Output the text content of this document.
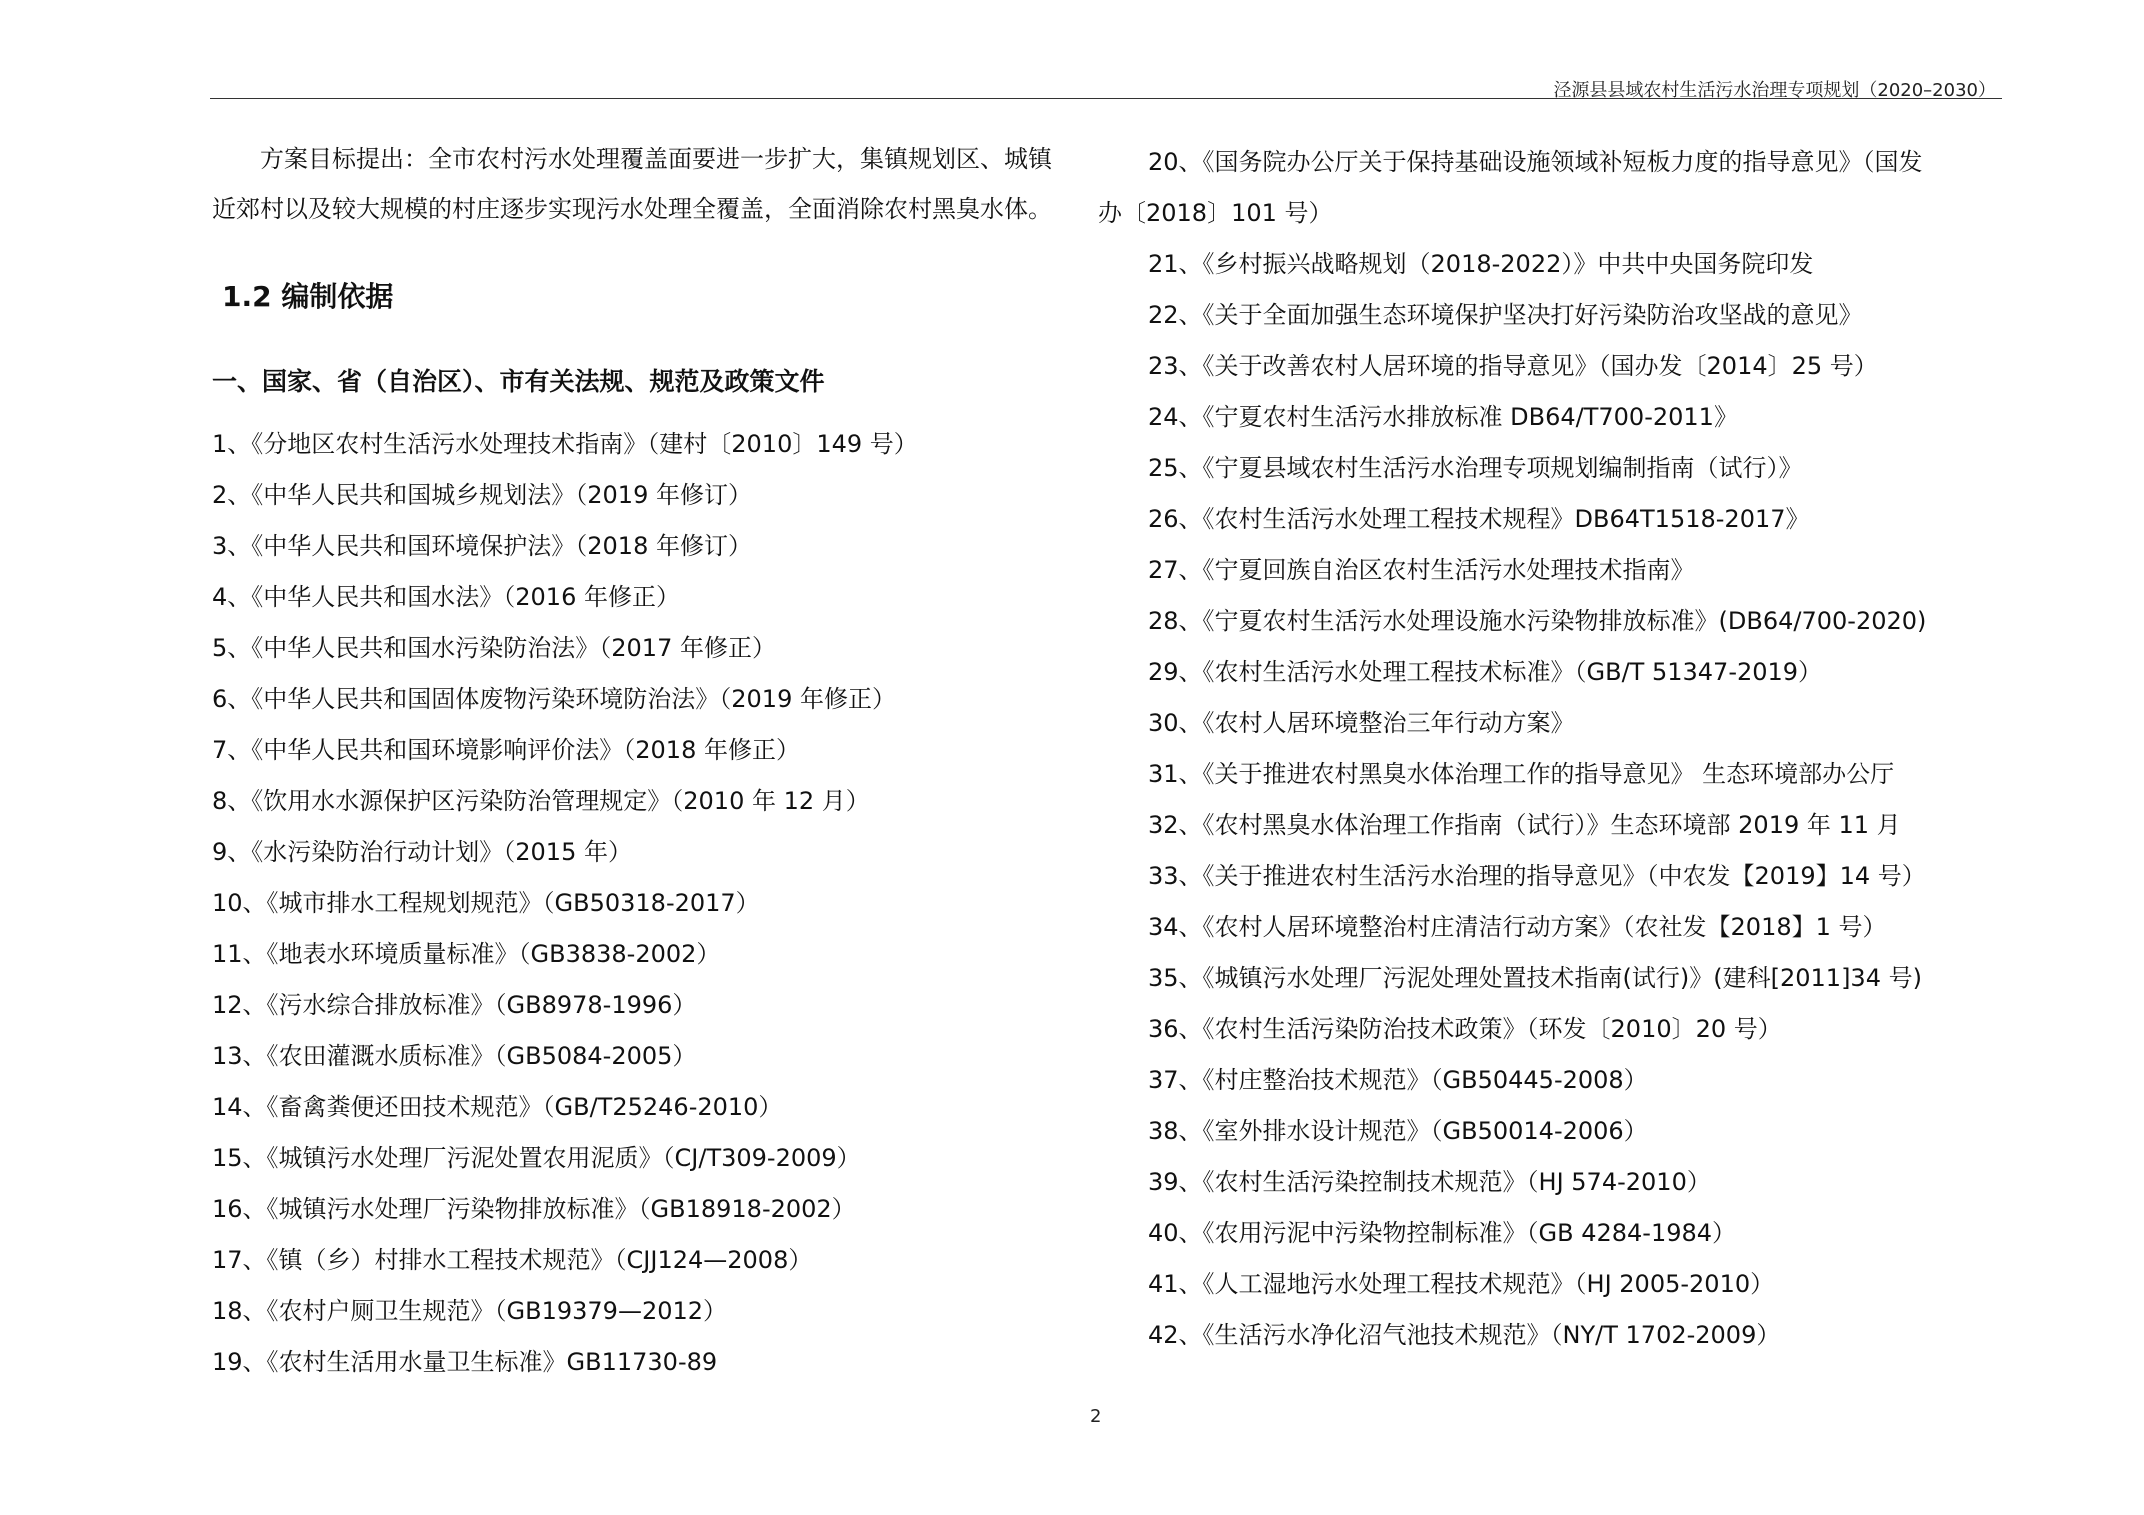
泾源县县域农村生活污水治理专项规划（2020–2030）
方案目标提出：全市农村污水处理覆盖面要进一步扩大，集镇规划区、城镇近郊村以及较大规模的村庄逐步实现污水处理全覆盖，全面消除农村黑臭水体。
1.2 编制依据
一、国家、省（自治区）、市有关法规、规范及政策文件
1、《分地区农村生活污水处理技术指南》（建村〔2010〕149 号）
2、《中华人民共和国城乡规划法》（2019 年修订）
3、《中华人民共和国环境保护法》（2018 年修订）
4、《中华人民共和国水法》（2016 年修正）
5、《中华人民共和国水污染防治法》（2017 年修正）
6、《中华人民共和国固体废物污染环境防治法》（2019 年修正）
7、《中华人民共和国环境影响评价法》（2018 年修正）
8、《饮用水水源保护区污染防治管理规定》（2010 年 12 月）
9、《水污染防治行动计划》（2015 年）
10、《城市排水工程规划规范》（GB50318-2017）
11、《地表水环境质量标准》（GB3838-2002）
12、《污水综合排放标准》（GB8978-1996）
13、《农田灌溉水质标准》（GB5084-2005）
14、《畜禽粪便还田技术规范》（GB/T25246-2010）
15、《城镇污水处理厂污泥处置农用泥质》（CJ/T309-2009）
16、《城镇污水处理厂污染物排放标准》（GB18918-2002）
17、《镇（乡）村排水工程技术规范》（CJJ124—2008）
18、《农村户厕卫生规范》（GB19379—2012）
19、《农村生活用水量卫生标准》GB11730-89
20、《国务院办公厅关于保持基础设施领域补短板力度的指导意见》（国发
办〔2018〕101 号）
21、《乡村振兴战略规划（2018-2022）》中共中央国务院印发
22、《关于全面加强生态环境保护坚决打好污染防治攻坚战的意见》
23、《关于改善农村人居环境的指导意见》（国办发〔2014〕25 号）
24、《宁夏农村生活污水排放标准 DB64/T700-2011》
25、《宁夏县域农村生活污水治理专项规划编制指南（试行）》
26、《农村生活污水处理工程技术规程》DB64T1518-2017》
27、《宁夏回族自治区农村生活污水处理技术指南》
28、《宁夏农村生活污水处理设施水污染物排放标准》(DB64/700-2020)
29、《农村生活污水处理工程技术标准》（GB/T 51347-2019）
30、《农村人居环境整治三年行动方案》
31、《关于推进农村黑臭水体治理工作的指导意见》 生态环境部办公厅
32、《农村黑臭水体治理工作指南（试行）》生态环境部 2019 年 11 月
33、《关于推进农村生活污水治理的指导意见》（中农发【2019】14 号）
34、《农村人居环境整治村庄清洁行动方案》（农社发【2018】1 号）
35、《城镇污水处理厂污泥处理处置技术指南(试行)》(建科[2011]34 号)
36、《农村生活污染防治技术政策》（环发〔2010〕20 号）
37、《村庄整治技术规范》（GB50445-2008）
38、《室外排水设计规范》（GB50014-2006）
39、《农村生活污染控制技术规范》（HJ 574-2010）
40、《农用污泥中污染物控制标准》（GB 4284-1984）
41、《人工湿地污水处理工程技术规范》（HJ 2005-2010）
42、《生活污水净化沼气池技术规范》（NY/T 1702-2009）
2
